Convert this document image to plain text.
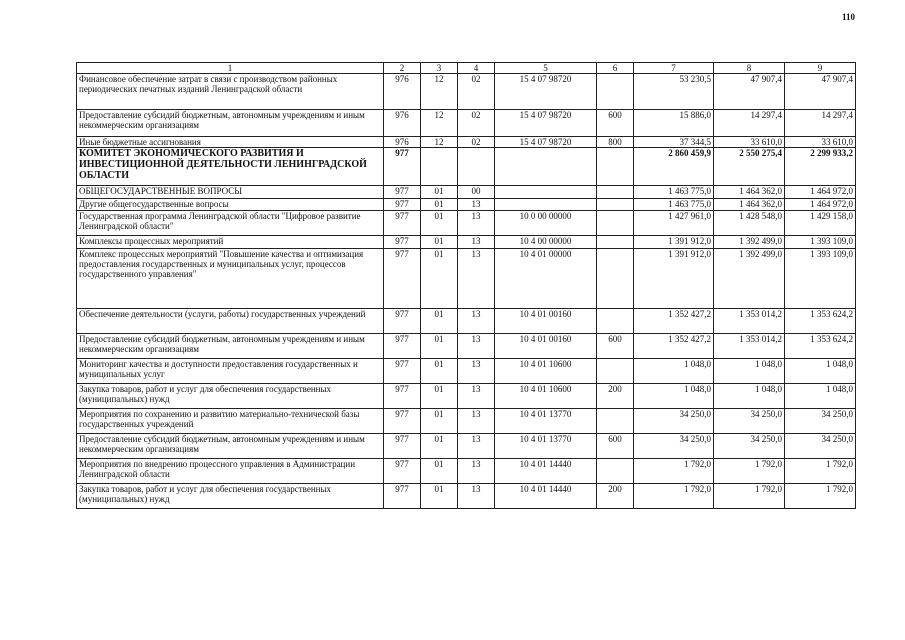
110
1	2	3	4	5	6	7	8	9
Финансовое обеспечение затрат в связи с производством районных периодических печатных изданий Ленинградской области	976	12	02	15 4 07 98720		53 230,5	47 907,4	47 907,4
Предоставление субсидий бюджетным, автономным учреждениям и иным некоммерческим организациям	976	12	02	15 4 07 98720	600	15 886,0	14 297,4	14 297,4
Иные бюджетные ассигнования	976	12	02	15 4 07 98720	800	37 344,5	33 610,0	33 610,0
КОМИТЕТ ЭКОНОМИЧЕСКОГО РАЗВИТИЯ И ИНВЕСТИЦИОННОЙ ДЕЯТЕЛЬНОСТИ ЛЕНИНГРАДСКОЙ ОБЛАСТИ	977					2 860 459,9	2 550 275,4	2 299 933,2
ОБЩЕГОСУДАРСТВЕННЫЕ ВОПРОСЫ	977	01	00			1 463 775,0	1 464 362,0	1 464 972,0
Другие общегосударственные вопросы	977	01	13			1 463 775,0	1 464 362,0	1 464 972,0
Государственная программа Ленинградской области "Цифровое развитие Ленинградской области"	977	01	13	10 0 00 00000		1 427 961,0	1 428 548,0	1 429 158,0
Комплексы процессных мероприятий	977	01	13	10 4 00 00000		1 391 912,0	1 392 499,0	1 393 109,0
Комплекс процессных мероприятий "Повышение качества и оптимизация предоставления государственных и муниципальных услуг, процессов государственного управления"	977	01	13	10 4 01 00000		1 391 912,0	1 392 499,0	1 393 109,0
Обеспечение деятельности (услуги, работы) государственных учреждений	977	01	13	10 4 01 00160		1 352 427,2	1 353 014,2	1 353 624,2
Предоставление субсидий бюджетным, автономным учреждениям и иным некоммерческим организациям	977	01	13	10 4 01 00160	600	1 352 427,2	1 353 014,2	1 353 624,2
Мониторинг качества и доступности предоставления государственных и муниципальных услуг	977	01	13	10 4 01 10600		1 048,0	1 048,0	1 048,0
Закупка товаров, работ и услуг для обеспечения государственных (муниципальных) нужд	977	01	13	10 4 01 10600	200	1 048,0	1 048,0	1 048,0
Мероприятия по сохранению и развитию материально-технической базы государственных учреждений	977	01	13	10 4 01 13770		34 250,0	34 250,0	34 250,0
Предоставление субсидий бюджетным, автономным учреждениям и иным некоммерческим организациям	977	01	13	10 4 01 13770	600	34 250,0	34 250,0	34 250,0
Мероприятия по внедрению процессного управления в Администрации Ленинградской области	977	01	13	10 4 01 14440		1 792,0	1 792,0	1 792,0
Закупка товаров, работ и услуг для обеспечения государственных (муниципальных) нужд	977	01	13	10 4 01 14440	200	1 792,0	1 792,0	1 792,0
